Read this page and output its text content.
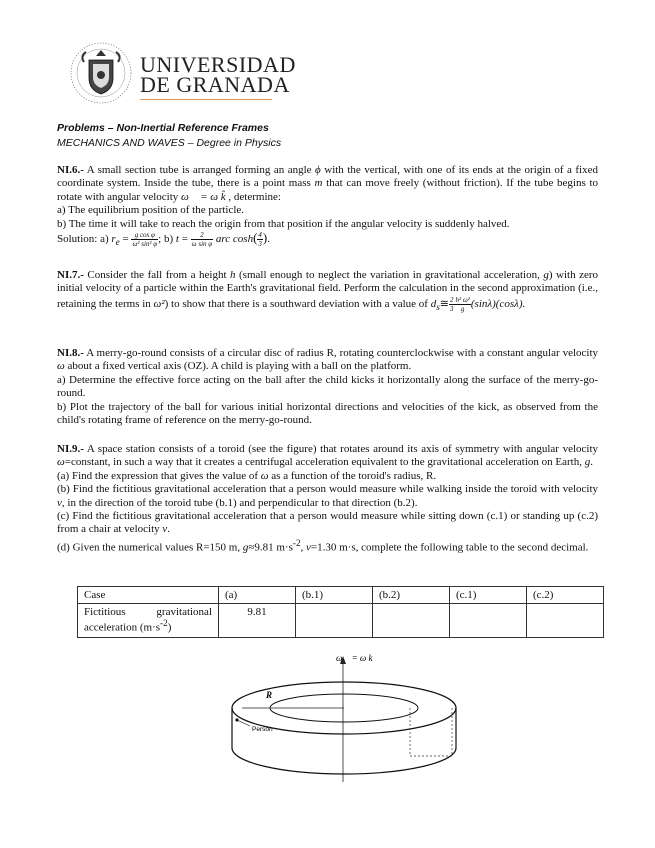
UNIVERSIDAD
DE GRANADA
Problems – Non-Inertial Reference Frames
MECHANICS AND WAVES – Degree in Physics

NI.6.- A small section tube is arranged forming an angle ϕ with the vertical, with one of its ends at the origin of a fixed coordinate system. Inside the tube, there is a point mass m that can move freely (without friction). If the tube begins to rotate with angular velocity ω⃗ = ω k̂ , determine:

a) The equilibrium position of the particle.

b) The time it will take to reach the origin from that position if the angular velocity is suddenly halved.

Solution: a) $r_e = \frac{\text{g cos φ}}{\text{ω² sin² φ}}$ ; b) $t = \frac{2}{\text{ω sin φ}}$ arc $\cosh( \frac{4}{3}$ ).

NI.7.- Consider the fall from a height h (small enough to neglect the variation in gravitational acceleration, g) with zero initial velocity of a particle within the Earth's gravitational field. Perform the calculation in the second approximation (i.e., retaining the terms in ω²) to show that there is a southward deviation with a value of $d_s≅ \frac{2}{3} \frac{\text{h² ω²}}{g} (\sin\lambda)(\cos\lambda)$.

NI.8.- A merry-go-round consists of a circular disc of radius R, rotating counterclockwise with a constant angular velocity ω about a fixed vertical axis (OZ). A child is playing with a ball on the platform.

a) Determine the effective force acting on the ball after the child kicks it horizontally along the surface of the merry-go-round.

b) Plot the trajectory of the ball for various initial horizontal directions and velocities of the kick, as observed from the child's rotating frame of reference on the merry-go-round.

NI.9.- A space station consists of a toroid (see the figure) that rotates around its axis of symmetry with angular velocity ω=constant, in such a way that it creates a centrifugal acceleration equivalent to the gravitational acceleration on Earth, g.

(a) Find the expression that gives the value of ω as a function of the toroid's radius, R.

(b) Find the fictitious gravitational acceleration that a person would measure while walking inside the toroid with velocity v, in the direction of the toroid tube (b.1) and perpendicular to that direction (b.2).

(c) Find the fictitious gravitational acceleration that a person would measure while sitting down (c.1) or standing up (c.2) from a chair at velocity v.

(d) Given the numerical values R=150 m, g≈9.81 $m\cdot s^{-2}$, v=1.30 m·s, complete the following table to the second decimal.

Case	(a)	(b.1)	(b.2)	(c.1)	(c.2)

Fictitious gravitational
acceleration $(m\cdot s^{-2})$	9.81				
ω⃗ = ω k⃗
R
Person
